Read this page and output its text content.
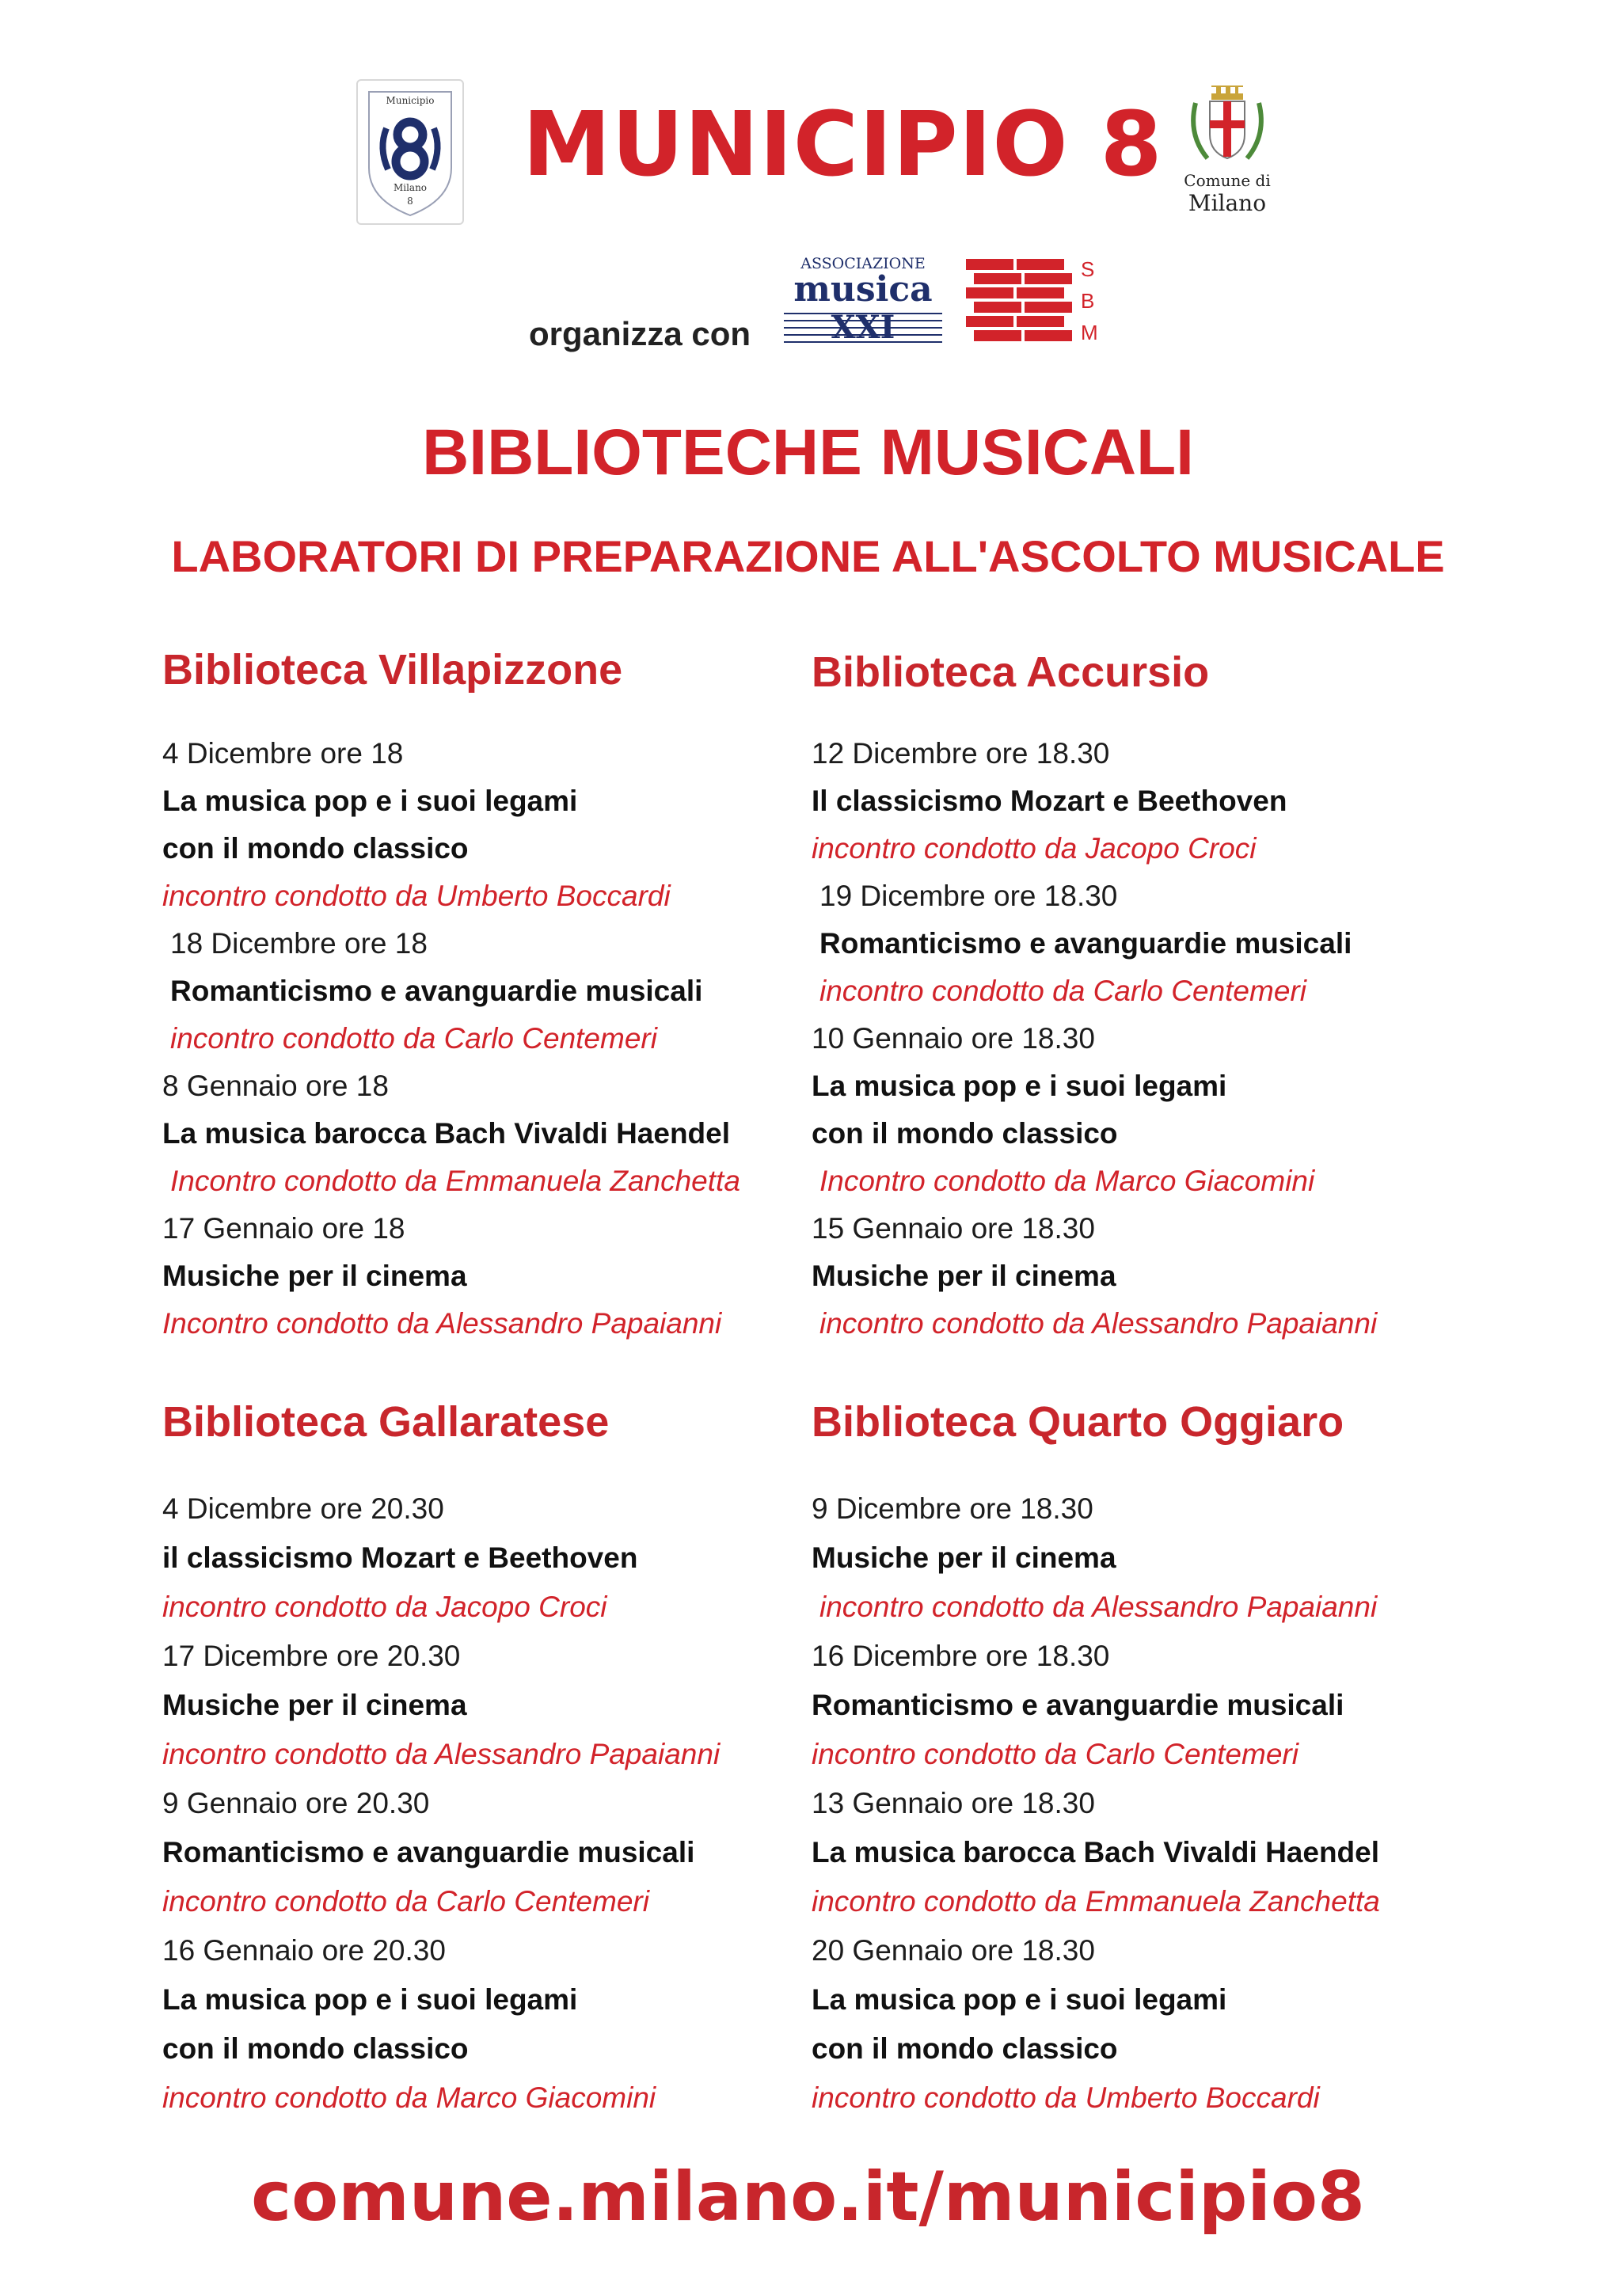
Municipio
Milano
8
MUNICIPIO 8	Comune di
Milano
organizza con
ASSOCIAZIONE
musica
XXI
S
B
M
BIBLIOTECHE MUSICALI
LABORATORI DI PREPARAZIONE ALL'ASCOLTO MUSICALE
Biblioteca Villapizzone
4 Dicembre ore 18
La musica pop e i suoi legami
con il mondo classico
incontro condotto da Umberto Boccardi
18 Dicembre ore 18
Romanticismo e avanguardie musicali
incontro condotto da Carlo Centemeri
8 Gennaio ore 18
La musica barocca Bach Vivaldi Haendel
Incontro condotto da Emmanuela Zanchetta
17 Gennaio ore 18
Musiche per il cinema
Incontro condotto da Alessandro Papaianni
Biblioteca Accursio
12 Dicembre ore 18.30
Il classicismo Mozart e Beethoven
incontro condotto da Jacopo Croci
19 Dicembre ore 18.30
Romanticismo e avanguardie musicali
incontro condotto da Carlo Centemeri
10 Gennaio ore 18.30
La musica pop e i suoi legami
con il mondo classico
Incontro condotto da Marco Giacomini
15 Gennaio ore 18.30
Musiche per il cinema
incontro condotto da Alessandro Papaianni
Biblioteca Gallaratese
4 Dicembre ore 20.30
il classicismo Mozart e Beethoven
incontro condotto da Jacopo Croci
17 Dicembre ore 20.30
Musiche per il cinema
incontro condotto da Alessandro Papaianni
9 Gennaio ore 20.30
Romanticismo e avanguardie musicali
incontro condotto da Carlo Centemeri
16 Gennaio ore 20.30
La musica pop e i suoi legami
con il mondo classico
incontro condotto da Marco Giacomini
Biblioteca Quarto Oggiaro
9 Dicembre ore 18.30
Musiche per il cinema
incontro condotto da Alessandro Papaianni
16 Dicembre ore 18.30
Romanticismo e avanguardie musicali
incontro condotto da Carlo Centemeri
13 Gennaio ore 18.30
La musica barocca Bach Vivaldi Haendel
incontro condotto da Emmanuela Zanchetta
20 Gennaio ore 18.30
La musica pop e i suoi legami
con il mondo classico
incontro condotto da Umberto Boccardi
comune.milano.it/municipio8
